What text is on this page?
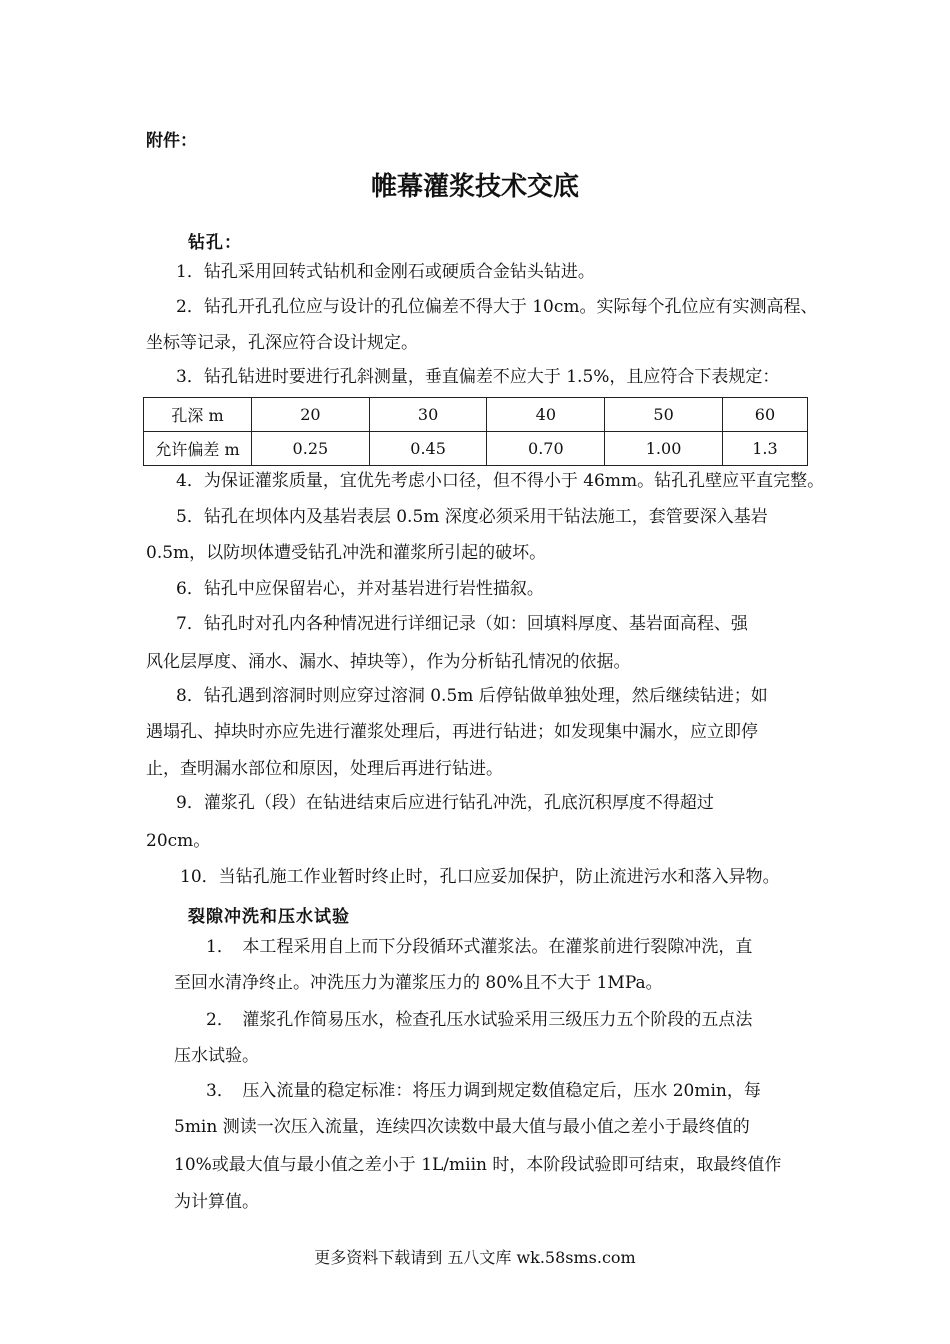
附件：
帷幕灌浆技术交底
钻孔：
1．钻孔采用回转式钻机和金刚石或硬质合金钻头钻进。
2．钻孔开孔孔位应与设计的孔位偏差不得大于 10cm。实际每个孔位应有实测高程、
坐标等记录，孔深应符合设计规定。
3．钻孔钻进时要进行孔斜测量，垂直偏差不应大于 1.5%，且应符合下表规定：
孔深 m	20	30	40	50	60
允许偏差 m	0.25	0.45	0.70	1.00	1.3
4．为保证灌浆质量，宜优先考虑小口径，但不得小于 46mm。钻孔孔壁应平直完整。
5．钻孔在坝体内及基岩表层 0.5m 深度必须采用干钻法施工，套管要深入基岩
0.5m，以防坝体遭受钻孔冲洗和灌浆所引起的破坏。
6．钻孔中应保留岩心，并对基岩进行岩性描叙。
7．钻孔时对孔内各种情况进行详细记录（如：回填料厚度、基岩面高程、强
风化层厚度、涌水、漏水、掉块等），作为分析钻孔情况的依据。
8．钻孔遇到溶洞时则应穿过溶洞 0.5m 后停钻做单独处理，然后继续钻进；如
遇塌孔、掉块时亦应先进行灌浆处理后，再进行钻进；如发现集中漏水，应立即停
止，查明漏水部位和原因，处理后再进行钻进。
9．灌浆孔（段）在钻进结束后应进行钻孔冲洗，孔底沉积厚度不得超过
20cm。
10．当钻孔施工作业暂时终止时，孔口应妥加保护，防止流进污水和落入异物。
裂隙冲洗和压水试验
1．　本工程采用自上而下分段循环式灌浆法。在灌浆前进行裂隙冲洗，直
至回水清净终止。冲洗压力为灌浆压力的 80%且不大于 1MPa。
2．　灌浆孔作简易压水，检查孔压水试验采用三级压力五个阶段的五点法
压水试验。
3．　压入流量的稳定标准：将压力调到规定数值稳定后，压水 20min，每
5min 测读一次压入流量，连续四次读数中最大值与最小值之差小于最终值的
10%或最大值与最小值之差小于 1L/miin 时，本阶段试验即可结束，取最终值作
为计算值。
更多资料下载请到 五八文库 wk.58sms.com
